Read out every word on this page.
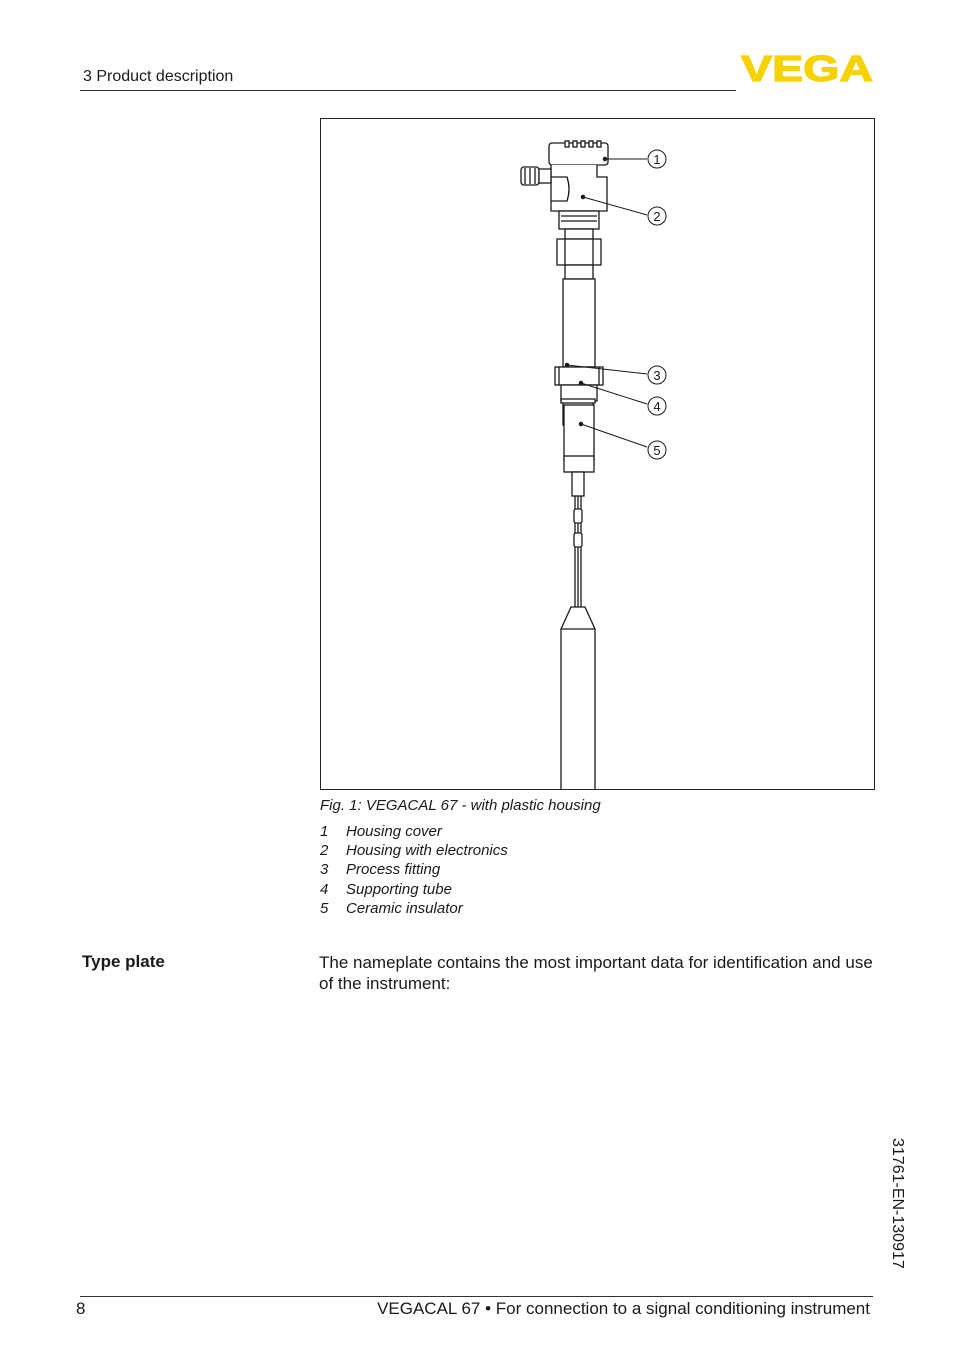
3 Product description	VEGA
1
2
3
4
5
Fig. 1: VEGACAL 67 - with plastic housing
1 Housing cover
2 Housing with electronics
3 Process fitting
4 Supporting tube
5 Ceramic insulator
Type plate	The nameplate contains the most important data for identification and use of the instrument:
31761-EN-130917
8	VEGACAL 67 • For connection to a signal conditioning instrument
